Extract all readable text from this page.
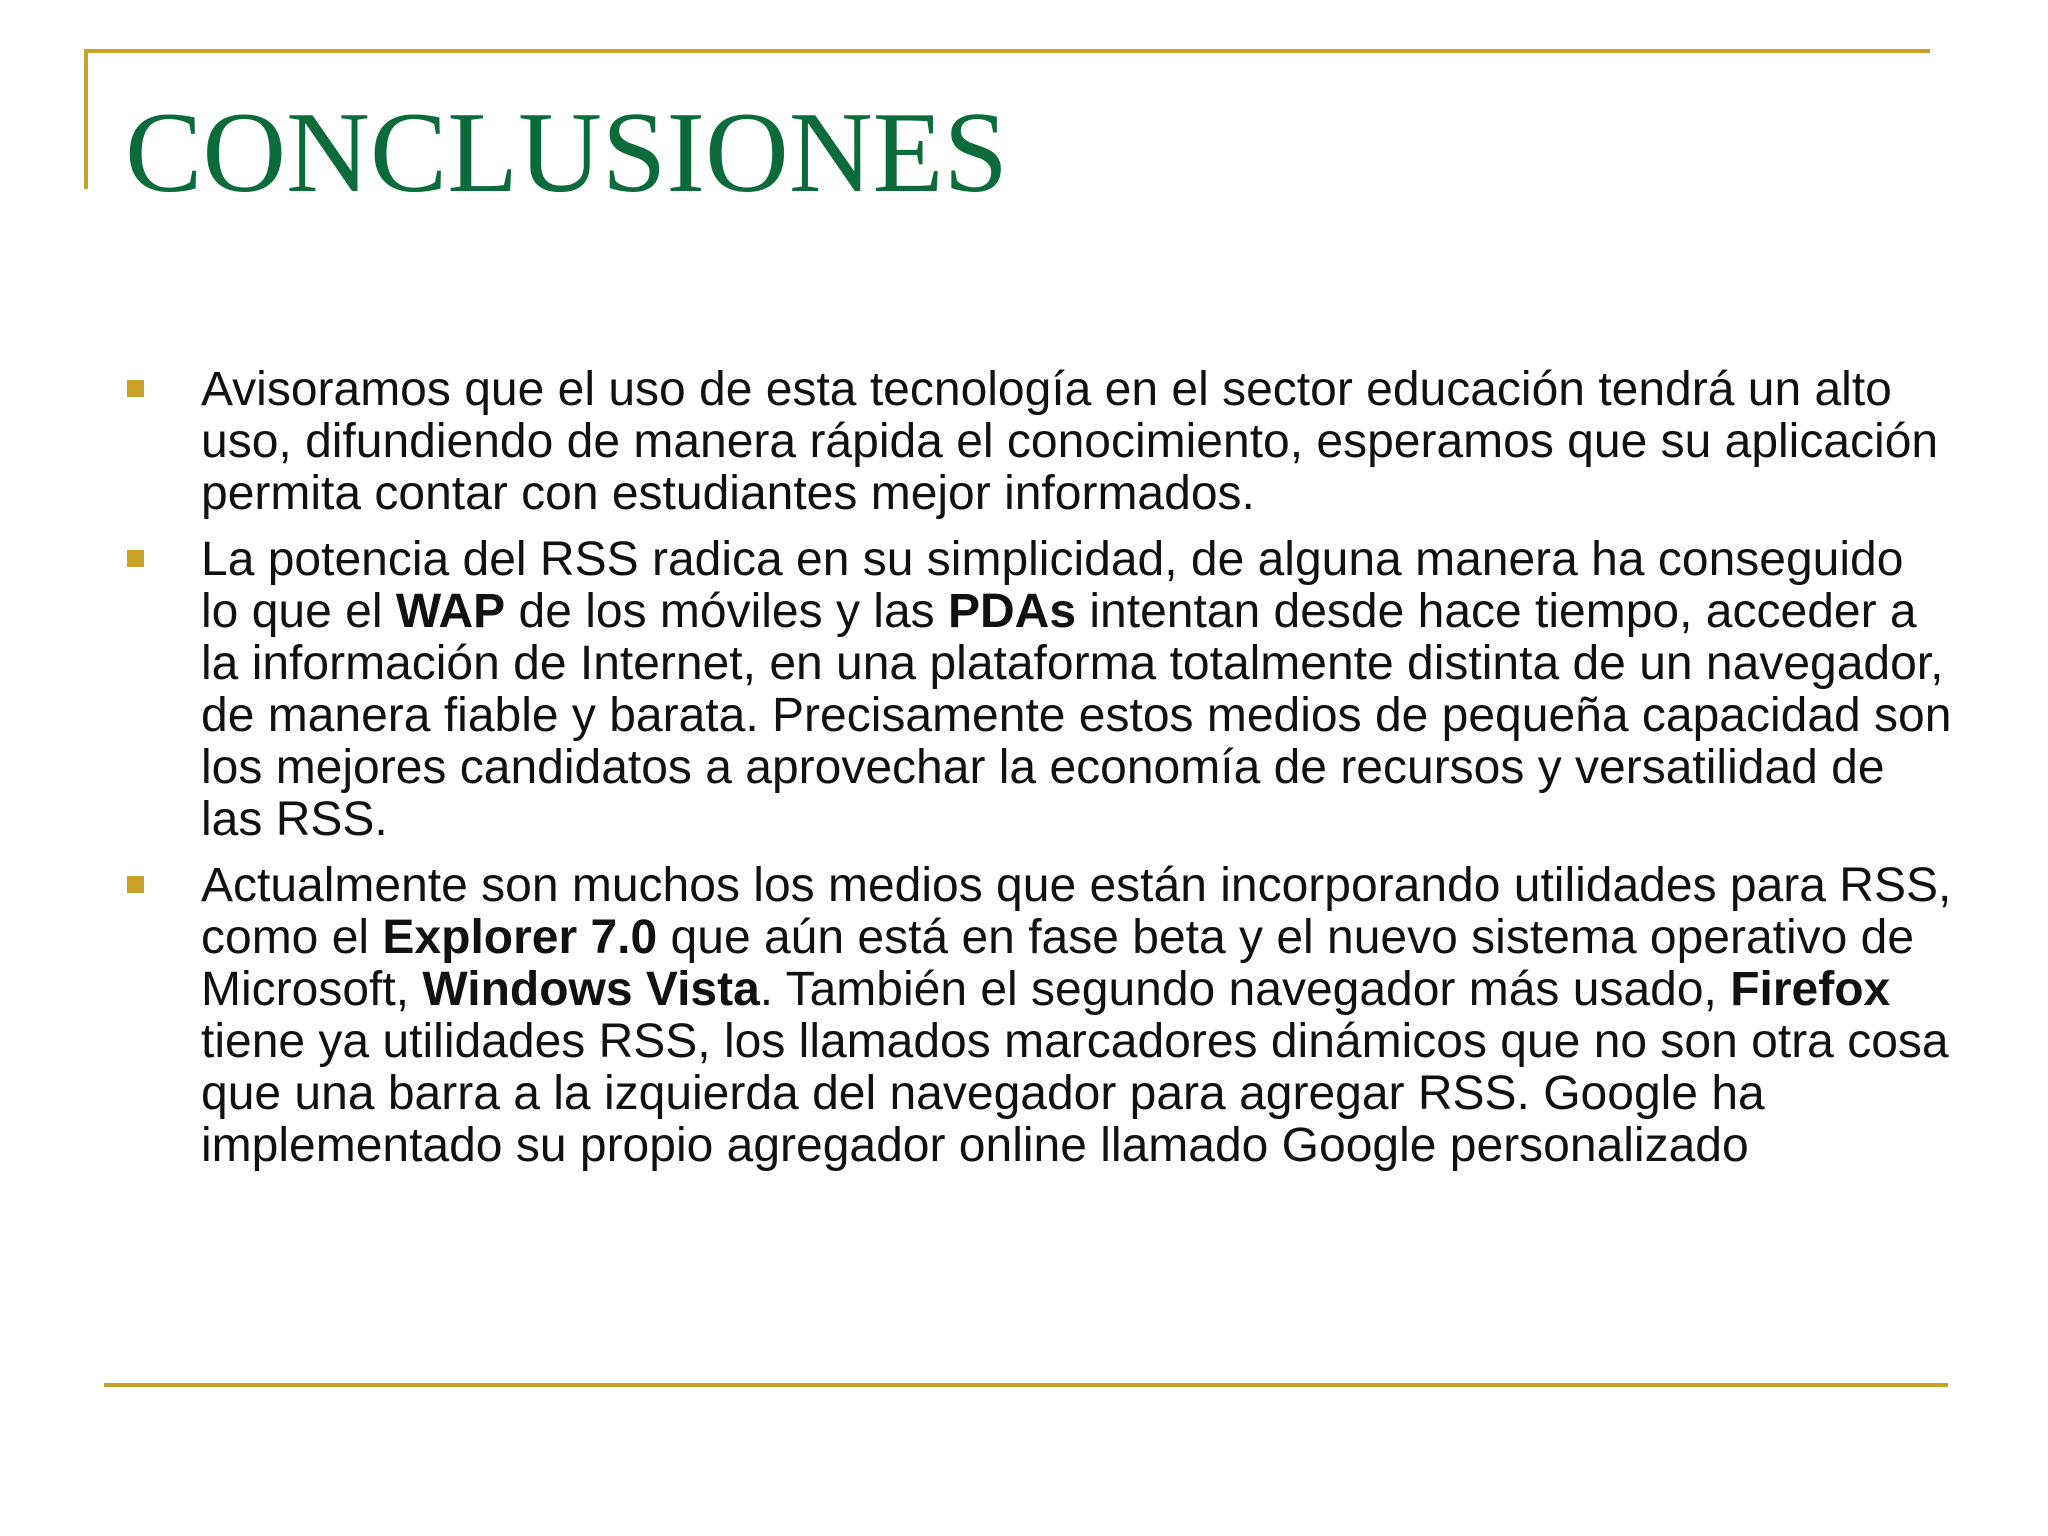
CONCLUSIONES
Avisoramos que el uso de esta tecnología en el sector educación tendrá un alto uso, difundiendo de manera rápida el conocimiento, esperamos que su aplicación permita contar con estudiantes mejor informados.
La potencia del RSS radica en su simplicidad, de alguna manera ha conseguido lo que el WAP de los móviles y las PDAs intentan desde hace tiempo, acceder a la información de Internet, en una plataforma totalmente distinta de un navegador, de manera fiable y barata. Precisamente estos medios de pequeña capacidad son los mejores candidatos a aprovechar la economía de recursos y versatilidad de las RSS.
Actualmente son muchos los medios que están incorporando utilidades para RSS, como el Explorer 7.0 que aún está en fase beta y el nuevo sistema operativo de Microsoft, Windows Vista. También el segundo navegador más usado, Firefox tiene ya utilidades RSS, los llamados marcadores dinámicos que no son otra cosa que una barra a la izquierda del navegador para agregar RSS. Google ha implementado su propio agregador online llamado Google personalizado
